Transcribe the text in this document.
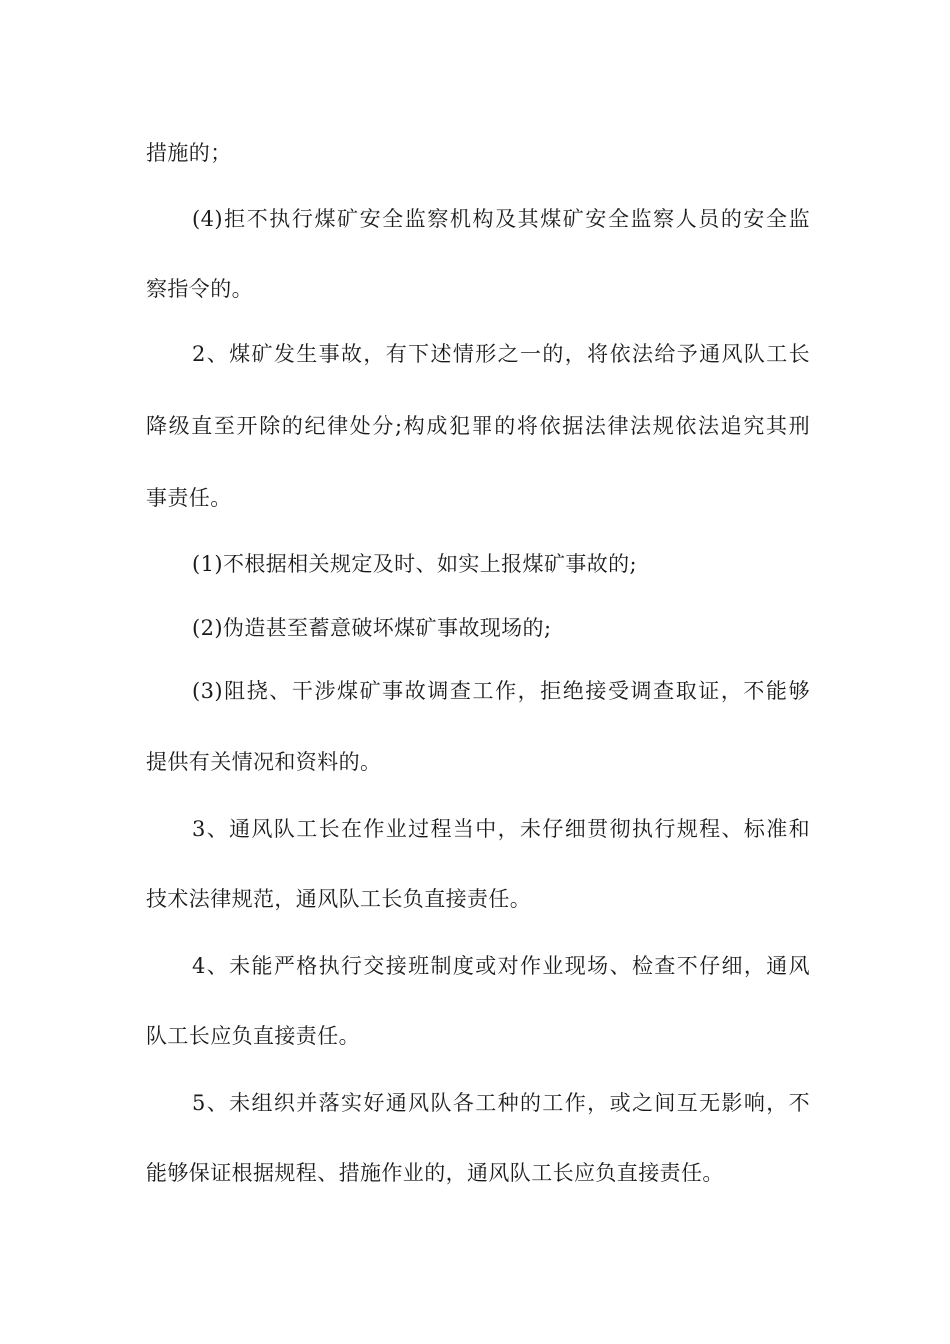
措施的；
(4)拒不执行煤矿安全监察机构及其煤矿安全监察人员的安全监
察指令的。
2、煤矿发生事故，有下述情形之一的，将依法给予通风队工长
降级直至开除的纪律处分;构成犯罪的将依据法律法规依法追究其刑
事责任。
(1)不根据相关规定及时、如实上报煤矿事故的;
(2)伪造甚至蓄意破坏煤矿事故现场的;
(3)阻挠、干涉煤矿事故调查工作，拒绝接受调查取证，不能够
提供有关情况和资料的。
3、通风队工长在作业过程当中，未仔细贯彻执行规程、标准和
技术法律规范，通风队工长负直接责任。
4、未能严格执行交接班制度或对作业现场、检查不仔细，通风
队工长应负直接责任。
5、未组织并落实好通风队各工种的工作，或之间互无影响，不
能够保证根据规程、措施作业的，通风队工长应负直接责任。
